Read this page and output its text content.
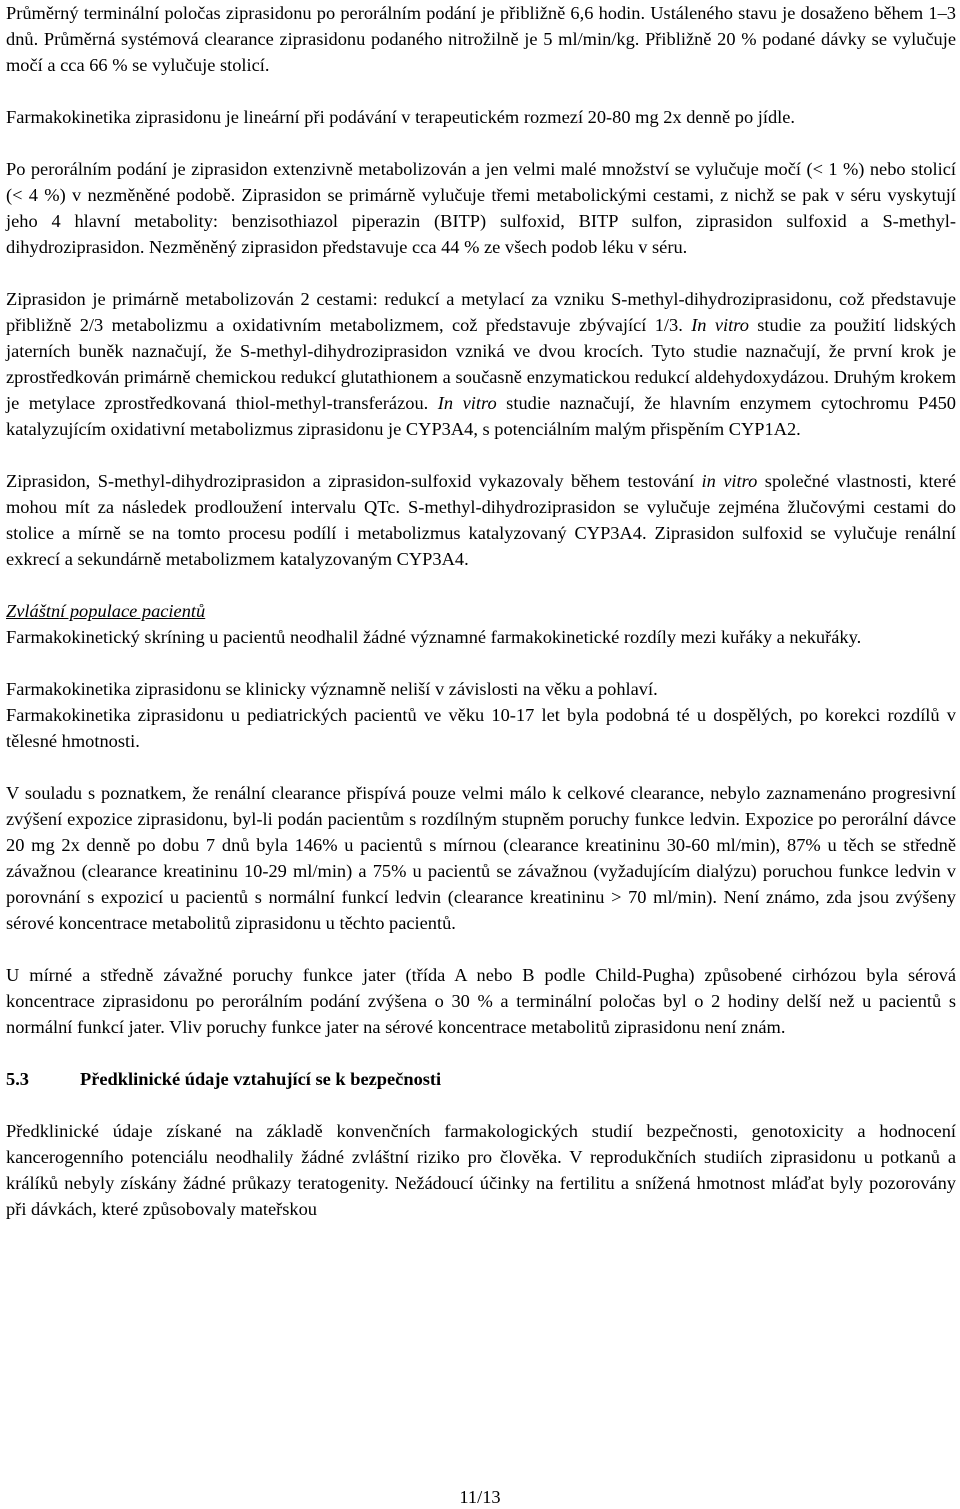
Průměrný terminální poločas ziprasidonu po perorálním podání je přibližně 6,6 hodin. Ustáleného stavu je dosaženo během 1–3 dnů. Průměrná systémová clearance ziprasidonu podaného nitrožilně je 5 ml/min/kg. Přibližně 20 % podané dávky se vylučuje močí a cca 66 % se vylučuje stolicí.

Farmakokinetika ziprasidonu je lineární při podávání v terapeutickém rozmezí 20-80 mg 2x denně po jídle.

Po perorálním podání je ziprasidon extenzivně metabolizován a jen velmi malé množství se vylučuje močí (< 1 %) nebo stolicí (< 4 %) v nezměněné podobě. Ziprasidon se primárně vylučuje třemi metabolickými cestami, z nichž se pak v séru vyskytují jeho 4 hlavní metabolity: benzisothiazol piperazin (BITP) sulfoxid, BITP sulfon, ziprasidon sulfoxid a S-methyl-dihydroziprasidon. Nezměněný ziprasidon představuje cca 44 % ze všech podob léku v séru.

Ziprasidon je primárně metabolizován 2 cestami: redukcí a metylací za vzniku S-methyl-dihydroziprasidonu, což představuje přibližně 2/3 metabolizmu a oxidativním metabolizmem, což představuje zbývající 1/3. In vitro studie za použití lidských jaterních buněk naznačují, že S-methyl-dihydroziprasidon vzniká ve dvou krocích. Tyto studie naznačují, že první krok je zprostředkován primárně chemickou redukcí glutathionem a současně enzymatickou redukcí aldehydoxydázou. Druhým krokem je metylace zprostředkovaná thiol-methyl-transferázou. In vitro studie naznačují, že hlavním enzymem cytochromu P450 katalyzujícím oxidativní metabolizmus ziprasidonu je CYP3A4, s potenciálním malým přispěním CYP1A2.

Ziprasidon, S-methyl-dihydroziprasidon a ziprasidon-sulfoxid vykazovaly během testování in vitro společné vlastnosti, které mohou mít za následek prodloužení intervalu QTc. S-methyl-dihydroziprasidon se vylučuje zejména žlučovými cestami do stolice a mírně se na tomto procesu podílí i metabolizmus katalyzovaný CYP3A4. Ziprasidon sulfoxid se vylučuje renální exkrecí a sekundárně metabolizmem katalyzovaným CYP3A4.

Zvláštní populace pacientů

Farmakokinetický skríning u pacientů neodhalil žádné významné farmakokinetické rozdíly mezi kuřáky a nekuřáky.

Farmakokinetika ziprasidonu se klinicky významně neliší v závislosti na věku a pohlaví.

Farmakokinetika ziprasidonu u pediatrických pacientů ve věku 10-17 let byla podobná té u dospělých, po korekci rozdílů v tělesné hmotnosti.

V souladu s poznatkem, že renální clearance přispívá pouze velmi málo k celkové clearance, nebylo zaznamenáno progresivní zvýšení expozice ziprasidonu, byl-li podán pacientům s rozdílným stupněm poruchy funkce ledvin. Expozice po perorální dávce 20 mg 2x denně po dobu 7 dnů byla 146% u pacientů s mírnou (clearance kreatininu 30-60 ml/min), 87% u těch se středně závažnou (clearance kreatininu 10-29 ml/min) a 75% u pacientů se závažnou (vyžadujícím dialýzu) poruchou funkce ledvin v porovnání s expozicí u pacientů s normální funkcí ledvin (clearance kreatininu > 70 ml/min). Není známo, zda jsou zvýšeny sérové koncentrace metabolitů ziprasidonu u těchto pacientů.

U mírné a středně závažné poruchy funkce jater (třída A nebo B podle Child-Pugha) způsobené cirhózou byla sérová koncentrace ziprasidonu po perorálním podání zvýšena o 30 % a terminální poločas byl o 2 hodiny delší než u pacientů s normální funkcí jater. Vliv poruchy funkce jater na sérové koncentrace metabolitů ziprasidonu není znám.

5.3	Předklinické údaje vztahující se k bezpečnosti

Předklinické údaje získané na základě konvenčních farmakologických studií bezpečnosti, genotoxicity a hodnocení kancerogenního potenciálu neodhalily žádné zvláštní riziko pro člověka. V reprodukčních studiích ziprasidonu u potkanů a králíků nebyly získány žádné průkazy teratogenity. Nežádoucí účinky na fertilitu a snížená hmotnost mláďat byly pozorovány při dávkách, které způsobovaly mateřskou

11/13
